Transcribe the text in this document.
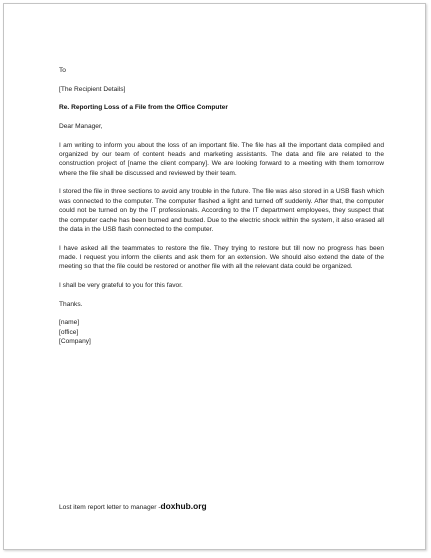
To

[The Recipient Details]

Re. Reporting Loss of a File from the Office Computer

Dear Manager,

I am writing to inform you about the loss of an important file. The file has all the important data compiled and organized by our team of content heads and marketing assistants. The data and file are related to the construction project of [name the client company]. We are looking forward to a meeting with them tomorrow where the file shall be discussed and reviewed by their team.

I stored the file in three sections to avoid any trouble in the future. The file was also stored in a USB flash which was connected to the computer. The computer flashed a light and turned off suddenly. After that, the computer could not be turned on by the IT professionals. According to the IT department employees, they suspect that the computer cache has been burned and busted. Due to the electric shock within the system, it also erased all the data in the USB flash connected to the computer.

I have asked all the teammates to restore the file. They trying to restore but till now no progress has been made. I request you inform the clients and ask them for an extension. We should also extend the date of the meeting so that the file could be restored or another file with all the relevant data could be organized.

I shall be very grateful to you for this favor.

Thanks.

[name]
[office]
[Company]
Lost item report letter to manager -doxhub.org
